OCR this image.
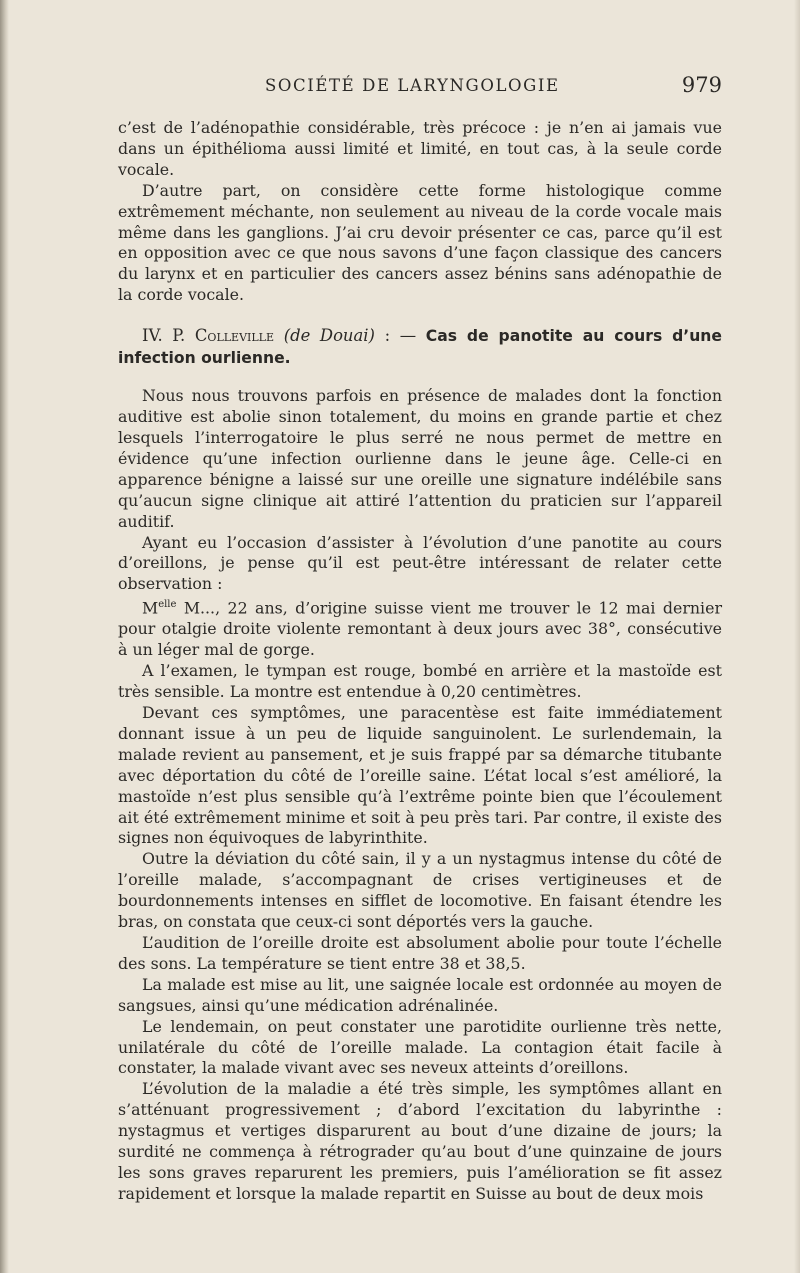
SOCIÉTÉ DE LARYNGOLOGIE	979

c’est de l’adénopathie considérable, très précoce : je n’en ai jamais vue dans un épithélioma aussi limité et limité, en tout cas, à la seule corde vocale.

D’autre part, on considère cette forme histologique comme extrêmement méchante, non seulement au niveau de la corde vocale mais même dans les ganglions. J’ai cru devoir présenter ce cas, parce qu’il est en opposition avec ce que nous savons d’une façon classique des cancers du larynx et en particulier des cancers assez bénins sans adénopathie de la corde vocale.

IV. P. Colleville (de Douai) : — Cas de panotite au cours d’une infection ourlienne.

Nous nous trouvons parfois en présence de malades dont la fonction auditive est abolie sinon totalement, du moins en grande partie et chez lesquels l’interrogatoire le plus serré ne nous permet de mettre en évidence qu’une infection ourlienne dans le jeune âge. Celle-ci en apparence bénigne a laissé sur une oreille une signature indélébile sans qu’aucun signe clinique ait attiré l’attention du praticien sur l’appareil auditif.

Ayant eu l’occasion d’assister à l’évolution d’une panotite au cours d’oreillons, je pense qu’il est peut-être intéressant de relater cette observation :

$M^{elle}$ M..., 22 ans, d’origine suisse vient me trouver le 12 mai dernier pour otalgie droite violente remontant à deux jours avec 38°, consécutive à un léger mal de gorge.

A l’examen, le tympan est rouge, bombé en arrière et la mastoïde est très sensible. La montre est entendue à 0,20 centimètres.

Devant ces symptômes, une paracentèse est faite immédiatement donnant issue à un peu de liquide sanguinolent. Le surlendemain, la malade revient au pansement, et je suis frappé par sa démarche titubante avec déportation du côté de l’oreille saine. L’état local s’est amélioré, la mastoïde n’est plus sensible qu’à l’extrême pointe bien que l’écoulement ait été extrêmement minime et soit à peu près tari. Par contre, il existe des signes non équivoques de labyrinthite.

Outre la déviation du côté sain, il y a un nystagmus intense du côté de l’oreille malade, s’accompagnant de crises vertigineuses et de bourdonnements intenses en sifflet de locomotive. En faisant étendre les bras, on constata que ceux-ci sont déportés vers la gauche.

L’audition de l’oreille droite est absolument abolie pour toute l’échelle des sons. La température se tient entre 38 et 38,5.

La malade est mise au lit, une saignée locale est ordonnée au moyen de sangsues, ainsi qu’une médication adrénalinée.

Le lendemain, on peut constater une parotidite ourlienne très nette, unilatérale du côté de l’oreille malade. La contagion était facile à constater, la malade vivant avec ses neveux atteints d’oreillons.

L’évolution de la maladie a été très simple, les symptômes allant en s’atténuant progressivement ; d’abord l’excitation du labyrinthe : nystagmus et vertiges disparurent au bout d’une dizaine de jours; la surdité ne commença à rétrograder qu’au bout d’une quinzaine de jours les sons graves reparurent les premiers, puis l’amélioration se fit assez rapidement et lorsque la malade repartit en Suisse au bout de deux mois
